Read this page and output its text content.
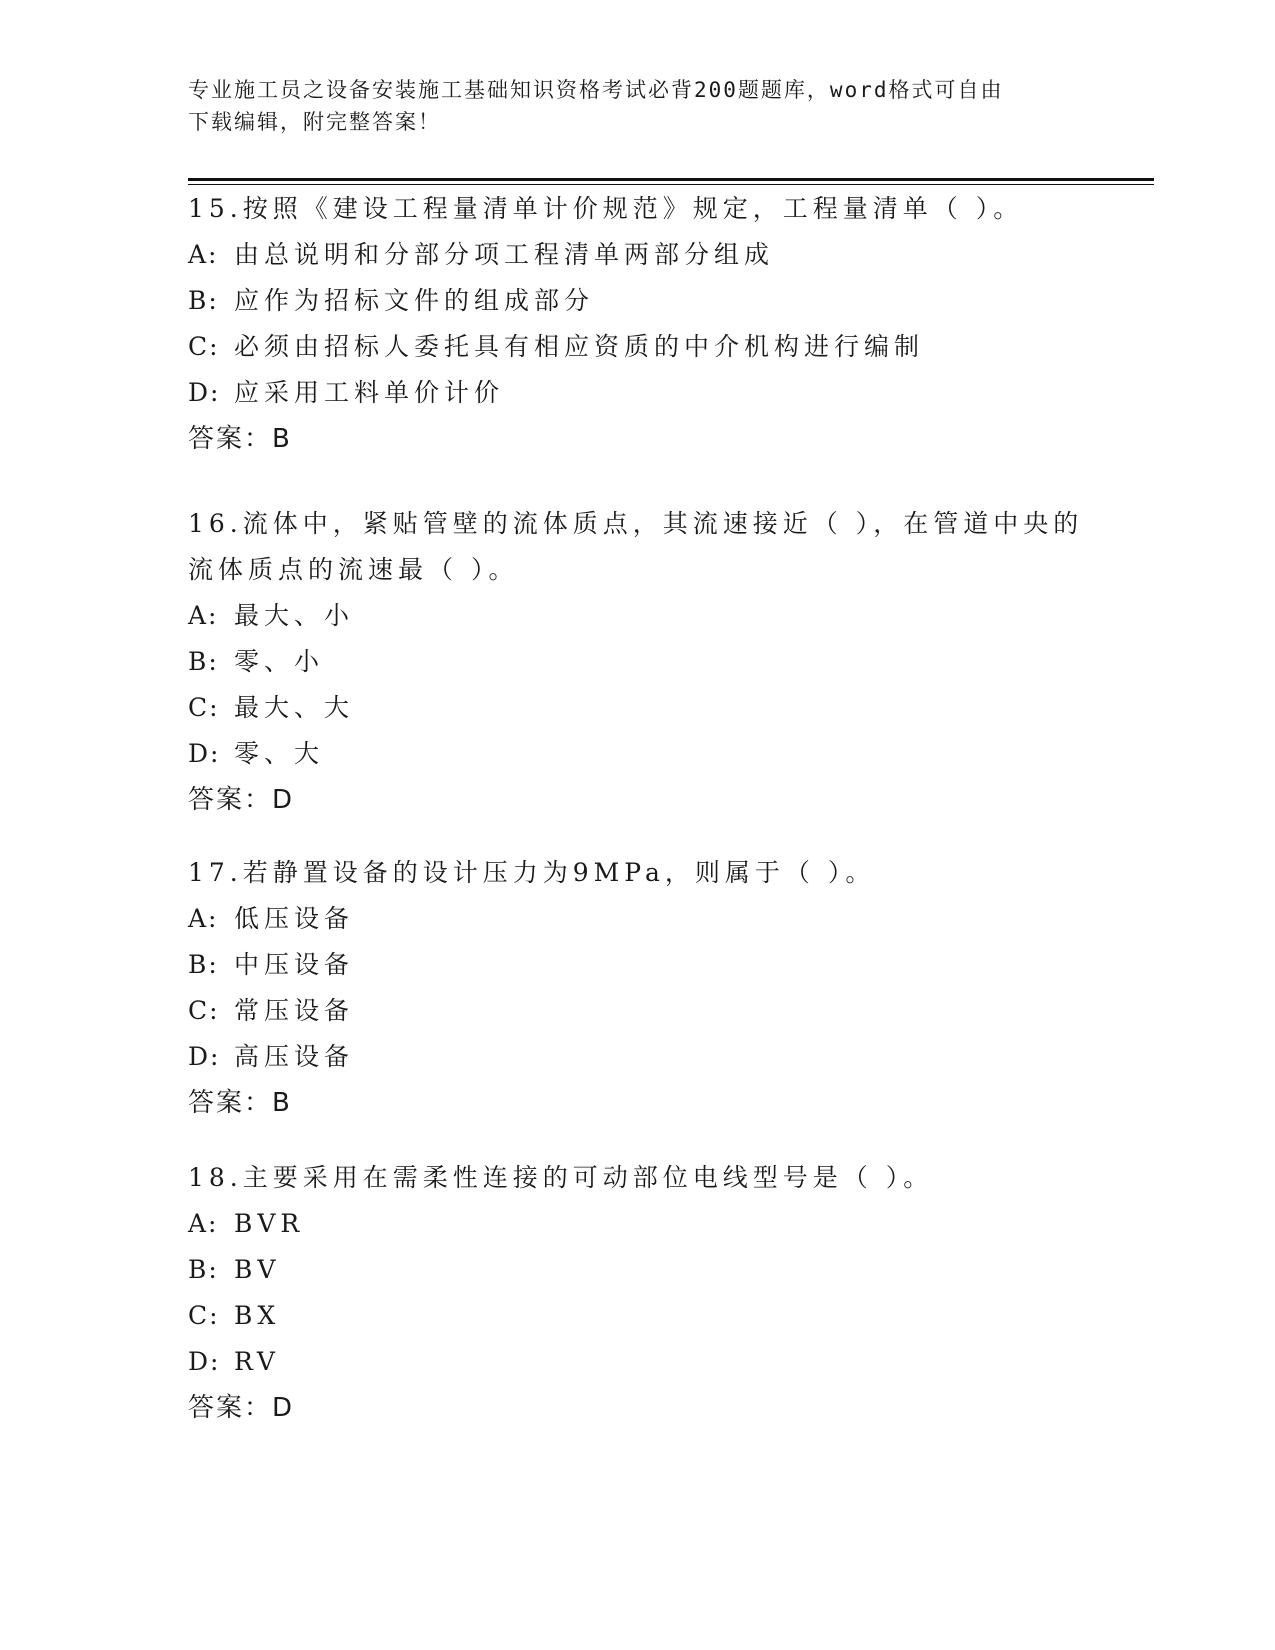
专业施工员之设备安装施工基础知识资格考试必背200题题库，word格式可自由
下载编辑，附完整答案！

15.按照《建设工程量清单计价规范》规定，工程量清单（ ）。

A: 由总说明和分部分项工程清单两部分组成
B: 应作为招标文件的组成部分
C: 必须由招标人委托具有相应资质的中介机构进行编制
D: 应采用工料单价计价
答案：B

16.流体中，紧贴管壁的流体质点，其流速接近（ ），在管道中央的流体质点的流速最（ ）。

A: 最大、小
B: 零、小
C: 最大、大
D: 零、大
答案：D

17.若静置设备的设计压力为9MPa，则属于（ ）。

A: 低压设备
B: 中压设备
C: 常压设备
D: 高压设备
答案：B

18.主要采用在需柔性连接的可动部位电线型号是（ ）。

A: BVR
B: BV
C: BX
D: RV
答案：D
